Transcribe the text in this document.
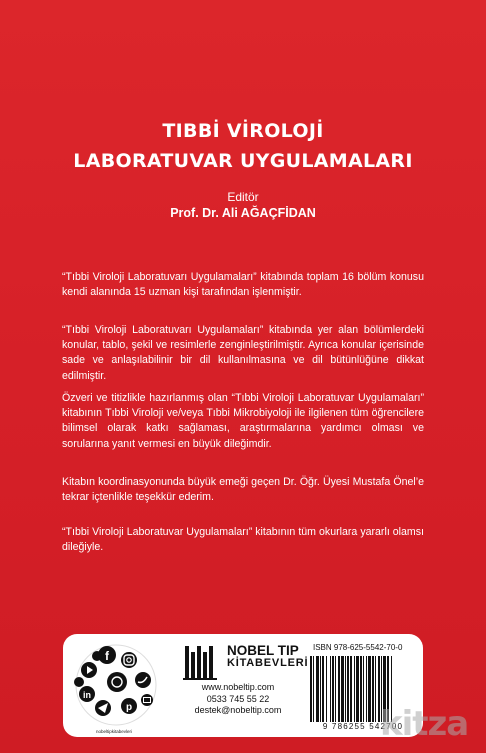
TIBBİ VİROLOJİ
LABORATUVAR UYGULAMALARI
Editör
Prof. Dr. Ali AĞAÇFİDAN

“Tıbbi Viroloji Laboratuvarı Uygulamaları” kitabında toplam 16 bölüm konusu kendi alanında 15 uzman kişi tarafından işlenmiştir.

“Tıbbi Viroloji Laboratuvarı Uygulamaları” kitabında yer alan bölümlerdeki konular, tablo, şekil ve resimlerle zenginleştirilmiştir. Ayrıca konular içerisinde sade ve anlaşılabilinir bir dil kullanılmasına ve dil bütünlüğüne dikkat edilmiştir.

Özveri ve titizlikle hazırlanmış olan “Tıbbi Viroloji Laboratuvar Uygulamaları” kitabının Tıbbi Viroloji ve/veya Tıbbi Mikrobiyoloji ile ilgilenen tüm öğrencilere bilimsel olarak katkı sağlaması, araştırmalarına yardımcı olması ve sorularına yanıt vermesi en büyük dileğimdir.

Kitabın koordinasyonunda büyük emeği geçen Dr. Öğr. Üyesi Mustafa Önel’e tekrar içtenlikle teşekkür ederim.

“Tıbbi Viroloji Laboratuvar Uygulamaları” kitabının tüm okurlara yararlı olamsı dileğiyle.

f
in
p
nobeltipkitabevleri
NOBEL TIP
KİTABEVLERİ
www.nobeltip.com
0533 745 55 22
destek@nobeltip.com
ISBN 978-625-5542-70-0
9 786255 542700
kitza
